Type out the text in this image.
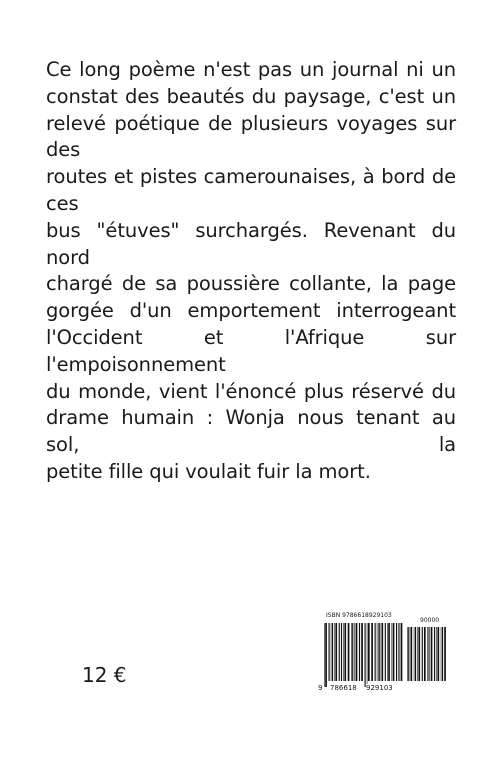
Ce long poème n'est pas un journal ni un
constat des beautés du paysage, c'est un
relevé poétique de plusieurs voyages sur des
routes et pistes camerounaises, à bord de ces
bus "étuves" surchargés. Revenant du nord
chargé de sa poussière collante, la page
gorgée d'un emportement interrogeant
l'Occident et l'Afrique sur l'empoisonnement
du monde, vient l'énoncé plus réservé du
drame humain : Wonja nous tenant au sol, la
petite fille qui voulait fuir la mort.
12 €
ISBN 9786618929103
90000
9 786618 929103
